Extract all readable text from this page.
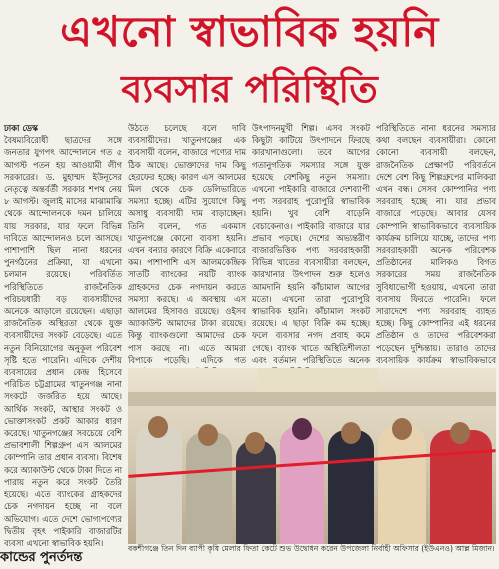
এখনো স্বাভাবিক হয়নি
ব্যবসার পরিস্থিতি
ঢাকা ডেস্ক
বৈষম্যবিরোধী ছাত্রদের সঙ্গে জনতার যুগপৎ আন্দোলনে গত ৫ আগস্ট পতন হয় আওয়ামী লীগ সরকারের। ড. মুহাম্মদ ইউনূসের নেতৃত্বে অন্তর্বর্তী সরকার শপথ নেয় ৮ আগস্ট। জুলাই মাসের মাঝামাঝি থেকে আন্দোলনকে দমন চালিয়ে যায় সরকার, যার ফলে বিভিন্ন দাবিতে আন্দোলনও চলে আসছে। পাশাপাশি ছিল নানা ধরনের পুনর্গঠনের প্রক্রিয়া, যা এখনো চলমান রয়েছে। পরিবর্তিত পরিস্থিতিতে রাজনৈতিক পরিচয়ধারী বড় ব্যবসায়ীদের অনেকে আড়ালে রয়েছেন। এছাড়া রাজনৈতিক অস্থিরতা থেকে যুক্ত ব্যবসায়ীদের সংকট বেড়েছে। এতে নতুন বিনিয়োগের অনুকূল পরিবেশ সৃষ্টি হতে পারেনি। এদিকে দেশীয় ব্যবসায়ের প্রধান কেন্দ্র হিসেবে পরিচিত চট্টগ্রামের খাতুনগঞ্জ নানা সংকটে জর্জরিত হয়ে আছে। আর্থিক সংকট, আস্থার সংকট ও ভোক্তাসংকট প্রকট আকার ধারণ করেছে। খাতুনগঞ্জের সবচেয়ে বেশি প্রভাবশালী শিল্পগ্রুপ এস আলমের কোম্পানি তার প্রধান ব্যবসা। বিশেষ করে অ্যাকাউন্ট থেকে টাকা দিতে না পারায় নতুন করে সংকট তৈরি হয়েছে। এতে ব্যাংকের গ্রাহকদের চেক নগদায়ন হচ্ছে না বলে অভিযোগ। এতে দেশে ভোগ্যপণ্যের দ্বিতীয় বৃহৎ পাইকারি বাজারটির ব্যবসা এখনো স্বাভাবিক হয়নি।
উঠতে চলেছে বলে দাবি ব্যবসায়ীদের। খাতুনগঞ্জের এক ব্যবসায়ী বলেন, বাজারে পণ্যের দাম ঠিক আছে। ভোক্তাদের দাম কিছু হেরফের হচ্ছে। কারণ এস আলমের মিল থেকে চেক ডেলিভারিতে সমস্যা হচ্ছে। এটির সুযোগে কিছু অসাধু ব্যবসায়ী দাম বাড়াচ্ছেন। তিনি বলেন, গত একমাস খাতুনগঞ্জে কোনো ব্যবসা হয়নি। এখন বন্যার কারণে বিক্রি একেবারে কম। পাশাপাশি এস আলমকেন্দ্রিক সাতটি ব্যাংকের নয়টি ব্যাংক গ্রাহকদের চেক নগদায়ন করতে সমস্যা করছে। এ অবস্থায় এস আলমের হিসাবও রয়েছে। ওইসব অ্যাকাউন্ট আমাদের টাকা রয়েছে। কিন্তু ব্যাংকগুলো আমাদের চেক পাস করছে না। এতে আমরা বিপাকে পড়েছি। এদিকে গত
উৎপাদনমুখী শিল্প। এসব সংকট কিছুটা কাটিয়ে উৎপাদনে ফিরছে কারখানাগুলো। তবে আগের গতানুগতিক সমস্যার সঙ্গে যুক্ত হয়েছে বেশকিছু নতুন সমস্যা। এখনো পাইকারি বাজারে দেশব্যাপী পণ্য সরবরাহ পুরোপুরি স্বাভাবিক হয়নি। খুব বেশি বাড়েনি বেচাকেনাও। পাইকারি বাজারে যার প্রভাব পড়ছে। দেশের অভ্যন্তরীণ বাজারভিত্তিক পণ্য সরবরাহকারী বিভিন্ন খাতের ব্যবসায়ীরা বলছেন, কারখানার উৎপাদন শুরু হলেও আমদানি হয়নি কাঁচামাল আগের মতো। এখনো তারা পুরোপুরি স্বাভাবিক হয়নি। কাঁচামাল সংকট রয়েছে। এ ছাড়া বিক্রি কম হচ্ছে। ফলে ব্যবসার নগদ প্রবাহ কমে গেছে। ব্যাংক খাতে অস্থিতিশীলতা এবং বর্তমান পরিস্থিতিতে অনেক
পরিস্থিতিতে নানা ধরনের সমস্যার কথা বলছেন ব্যবসায়ীরা। কোনো কোনো ব্যবসায়ী বলছেন, রাজনৈতিক প্রেক্ষাপট পরিবর্তনে দেশে বেশ কিছু শিল্পগ্রুপের মালিকরা এখন বন্ধ। সেসব কোম্পানির পণ্য সরবরাহ হচ্ছে না। যার প্রভাব বাজারে পড়েছে। আবার যেসব কোম্পানি স্বাভাবিকভাবে ব্যবসায়িক কার্যক্রম চালিয়ে যাচ্ছে, তাদের পণ্য সরবরাহকারী অনেক পরিবেশক প্রতিষ্ঠানের মালিকও বিগত সরকারের সময় রাজনৈতিক সুবিধাভোগী হওয়ায়, এখনো তারা ব্যবসায় ফিরতে পারেনি। ফলে সারাদেশে পণ্য সরবরাহ ব্যাহত হচ্ছে। কিছু কোম্পানির এই ধরনের প্রতিষ্ঠান ও তাদের পরিবেশকরা পড়েছেন দুশ্চিন্তায়। তারাও তাদের ব্যবসায়িক কার্যক্রম স্বাভাবিকভাবে
বকশীগঞ্জে তিন দিন ব্যাপী কৃষি মেলার ফিতা কেটে শুভ উদ্বোধন করেন উপজেলা নির্বাহী অফিসার (ইউএনও) আল্ল মিজান।
কান্ডের পুনর্তদন্ত
